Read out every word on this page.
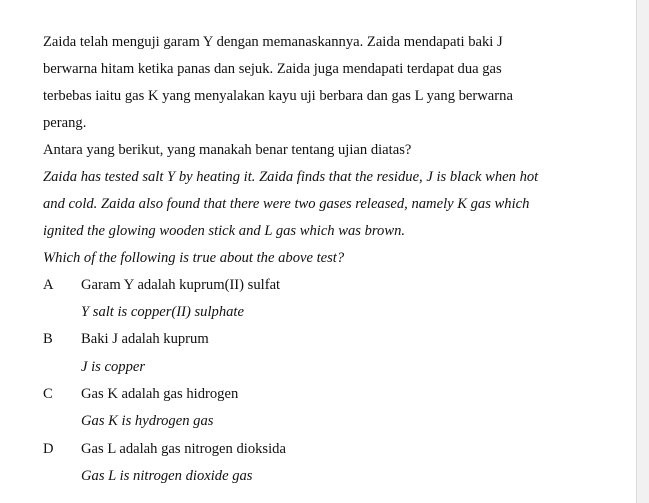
Zaida telah menguji garam Y dengan memanaskannya. Zaida mendapati baki J
berwarna hitam ketika panas dan sejuk. Zaida juga mendapati terdapat dua gas
terbebas iaitu gas K yang menyalakan kayu uji berbara dan gas L yang berwarna
perang.
Antara yang berikut, yang manakah benar tentang ujian diatas?
Zaida has tested salt Y by heating it. Zaida finds that the residue, J is black when hot
and cold. Zaida also found that there were two gases released, namely K gas which
ignited the glowing wooden stick and L gas which was brown.
Which of the following is true about the above test?
A	Garam Y adalah kuprum(II) sulfat
Y salt is copper(II) sulphate
B	Baki J adalah kuprum
J is copper
C	Gas K adalah gas hidrogen
Gas K is hydrogen gas
D	Gas L adalah gas nitrogen dioksida
Gas L is nitrogen dioxide gas
